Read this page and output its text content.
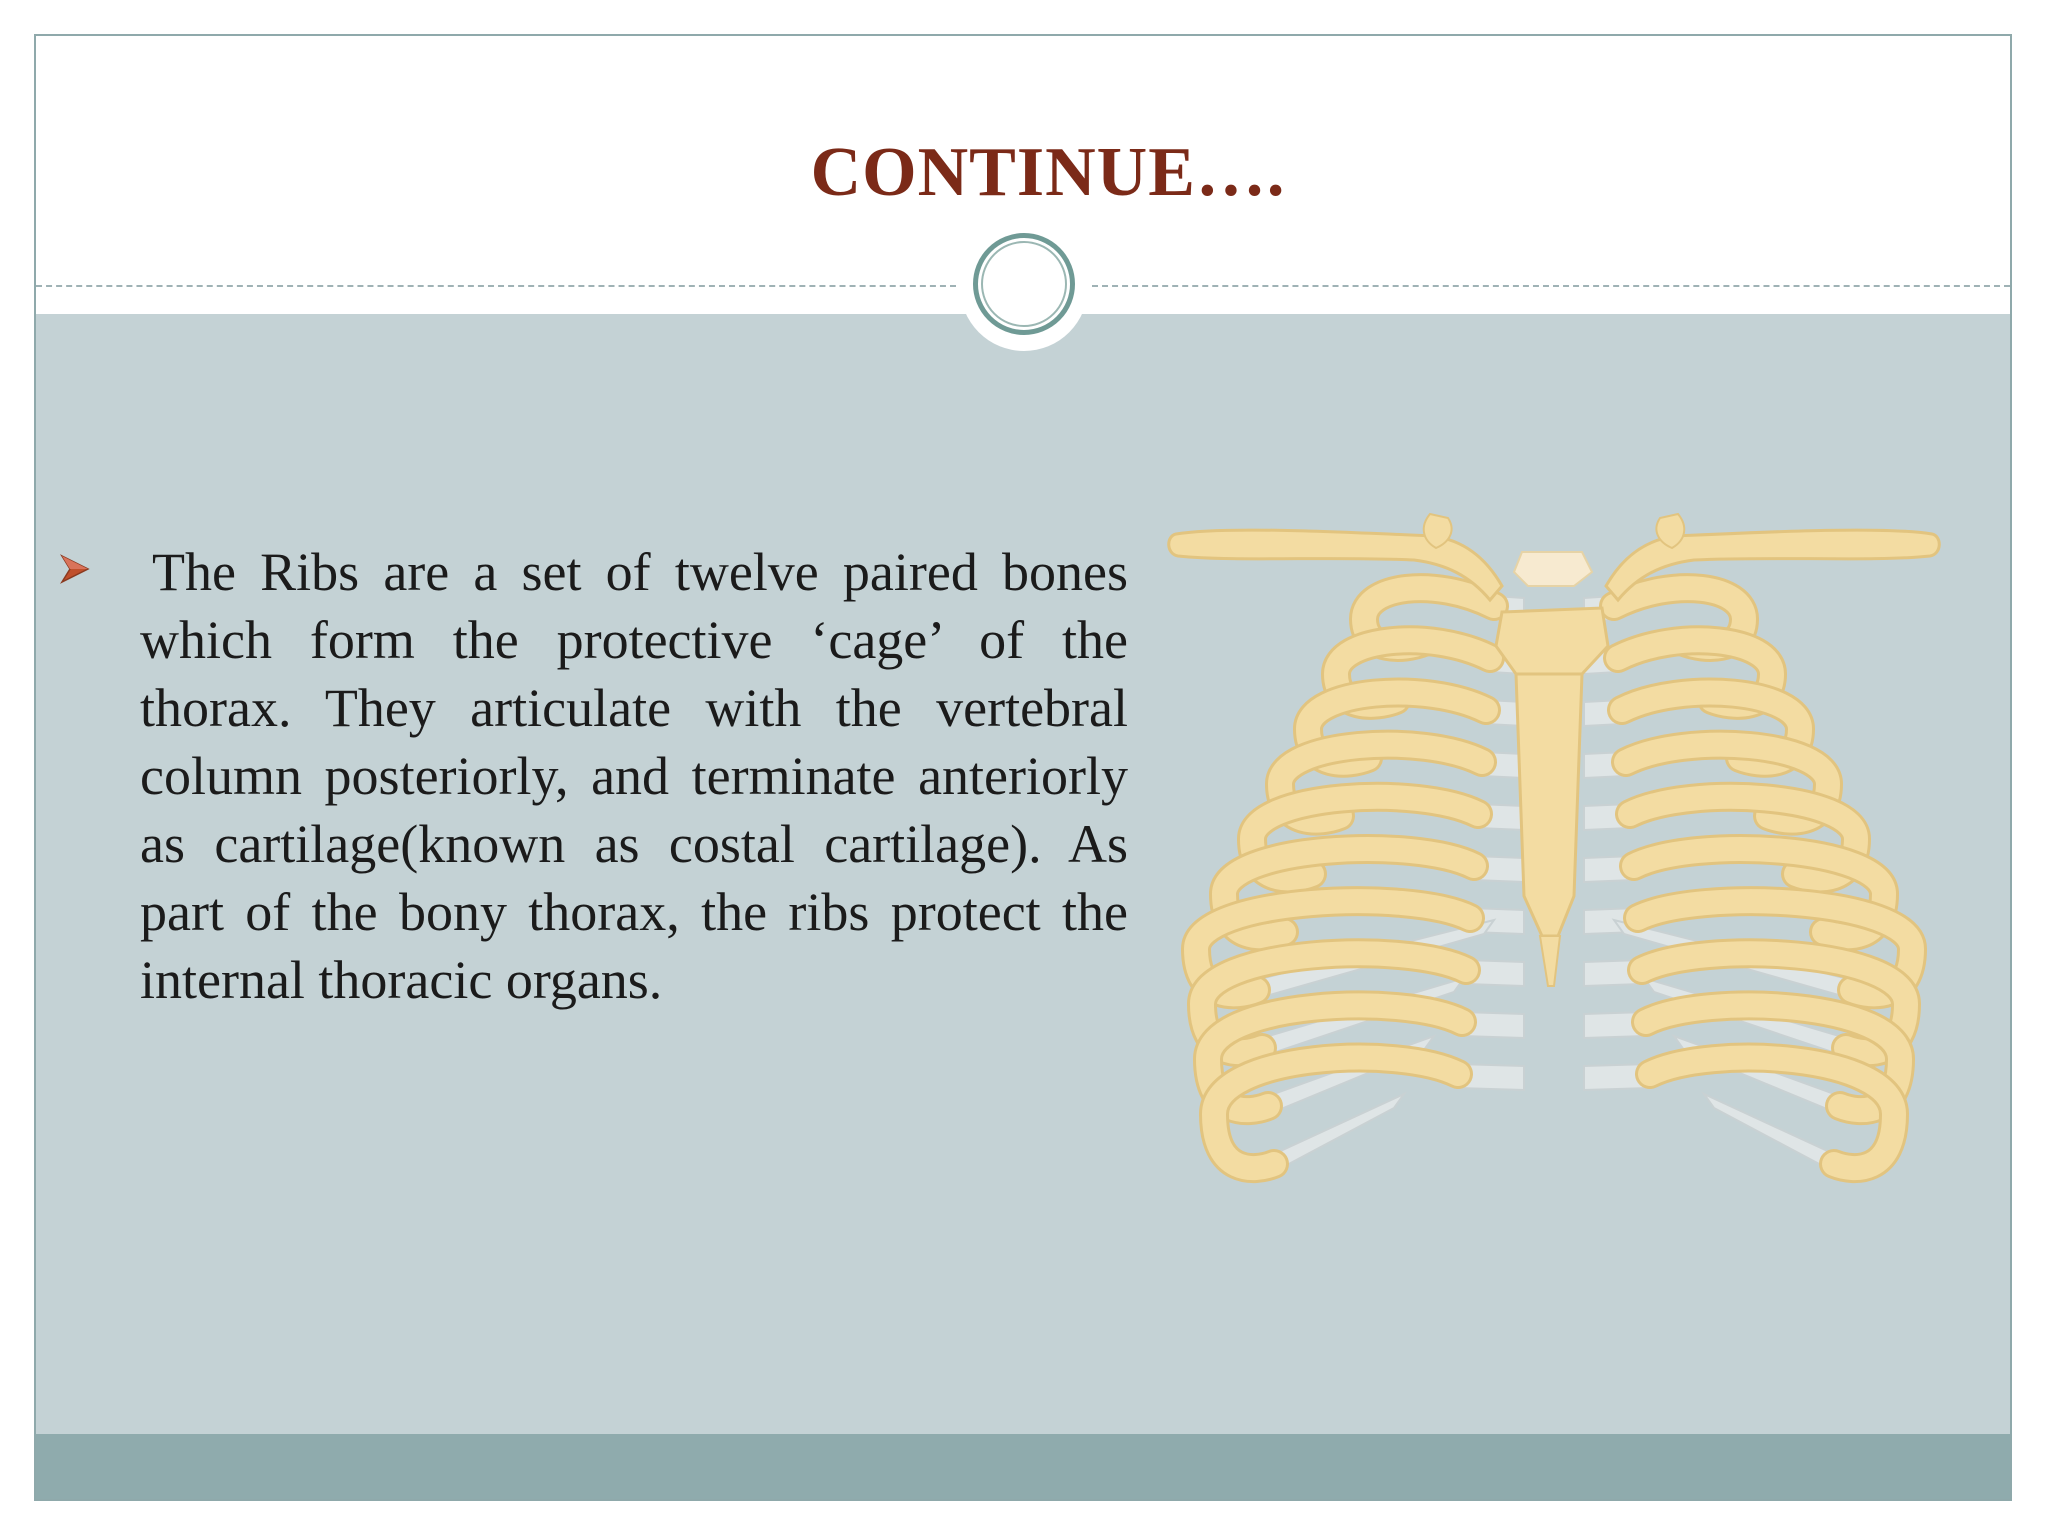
CONTINUE….
The Ribs are a set of twelve paired bones which form the protective ‘cage’ of the thorax. They articulate with the vertebral column posteriorly, and terminate anteriorly as cartilage(known as costal cartilage). As part of the bony thorax, the ribs protect the internal thoracic organs.
